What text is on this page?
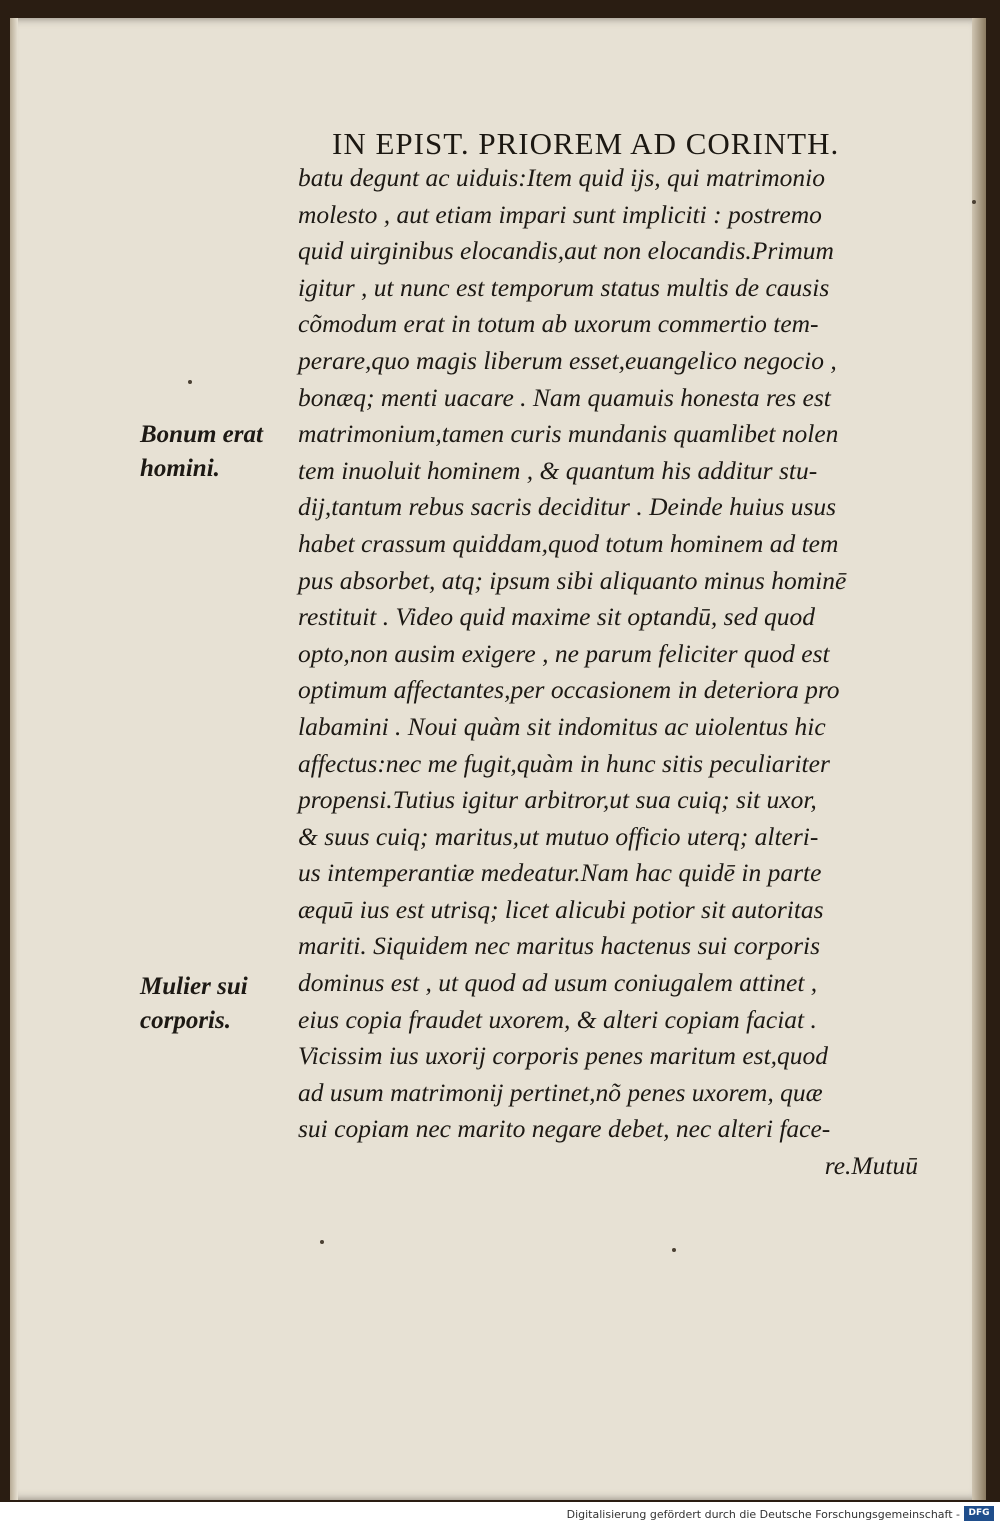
IN EPIST. PRIOREM AD CORINTH.
batu degunt ac uiduis:Item quid ijs, qui matrimonio
molesto , aut etiam impari sunt impliciti : postremo
quid uirginibus elocandis,aut non elocandis.Primum
igitur , ut nunc est temporum status multis de causis
cõmodum erat in totum ab uxorum commertio tem-
perare,quo magis liberum esset,euangelico negocio ,
bonæq; menti uacare . Nam quamuis honesta res est
matrimonium,tamen curis mundanis quamlibet nolen
tem inuoluit hominem , & quantum his additur stu-
dij,tantum rebus sacris deciditur . Deinde huius usus
habet crassum quiddam,quod totum hominem ad tem
pus absorbet, atq; ipsum sibi aliquanto minus hominē
restituit . Video quid maxime sit optandū, sed quod
opto,non ausim exigere , ne parum feliciter quod est
optimum affectantes,per occasionem in deteriora pro
labamini . Noui quàm sit indomitus ac uiolentus hic
affectus:nec me fugit,quàm in hunc sitis peculiariter
propensi.Tutius igitur arbitror,ut sua cuiq; sit uxor,
& suus cuiq; maritus,ut mutuo officio uterq; alteri-
us intemperantiæ medeatur.Nam hac quidē in parte
æquū ius est utrisq; licet alicubi potior sit autoritas
mariti. Siquidem nec maritus hactenus sui corporis
dominus est , ut quod ad usum coniugalem attinet ,
eius copia fraudet uxorem, & alteri copiam faciat .
Vicissim ius uxorij corporis penes maritum est,quod
ad usum matrimonij pertinet,nõ penes uxorem, quæ
sui copiam nec marito negare debet, nec alteri face-
re.Mutuū
Bonum erat
homini.
Mulier sui
corporis.
Digitalisierung gefördert durch die Deutsche Forschungsgemeinschaft - DFG
